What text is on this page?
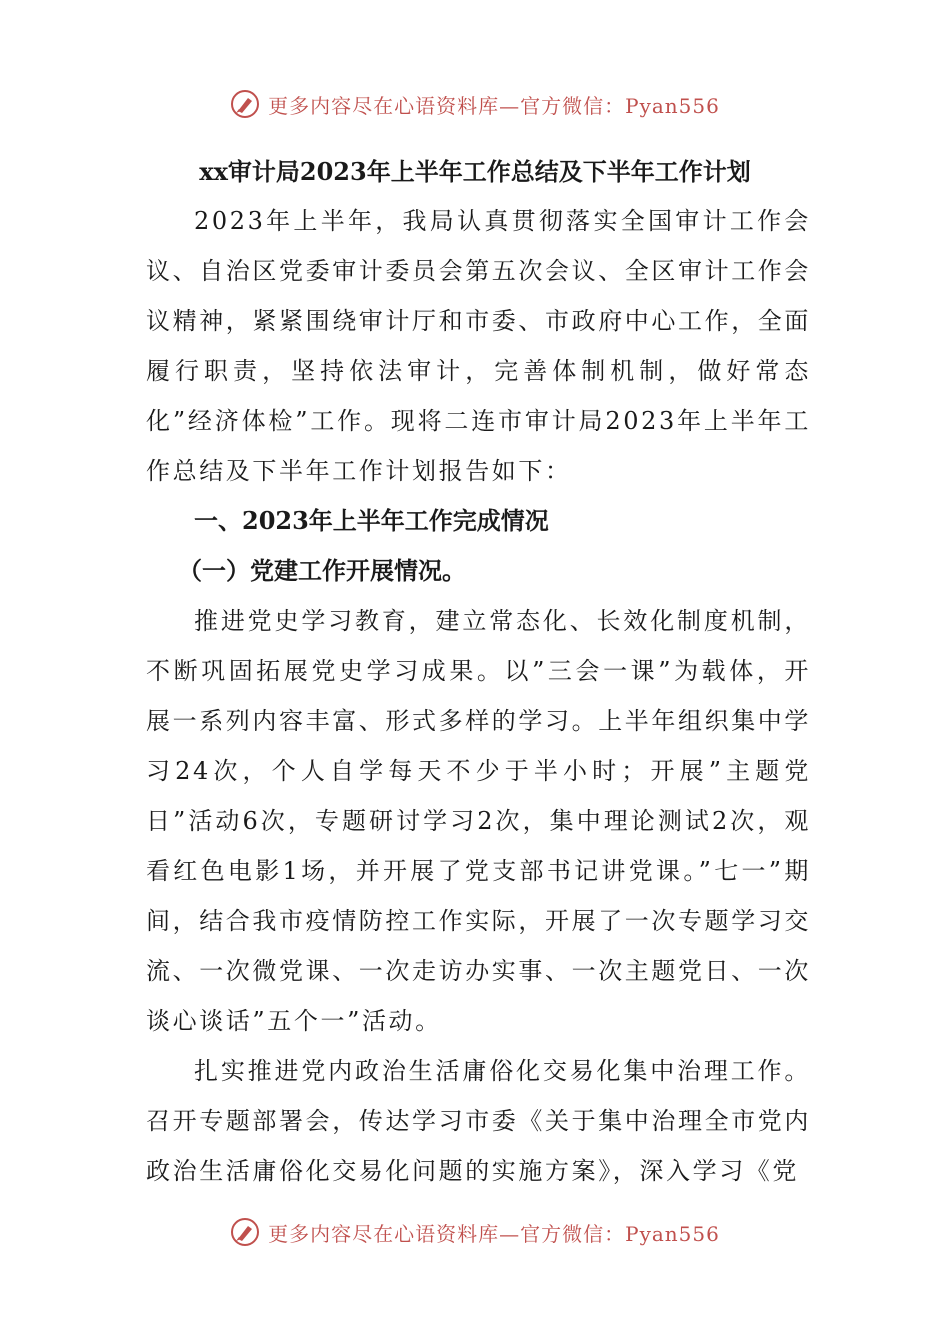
更多内容尽在心语资料库—官方微信：Pyan556
xx审计局2023年上半年工作总结及下半年工作计划

2023年上半年，我局认真贯彻落实全国审计工作会议、自治区党委审计委员会第五次会议、全区审计工作会议精神，紧紧围绕审计厅和市委、市政府中心工作，全面履行职责，坚持依法审计，完善体制机制，做好常态化”经济体检”工作。现将二连市审计局2023年上半年工作总结及下半年工作计划报告如下：

一、2023年上半年工作完成情况

（一）党建工作开展情况。

推进党史学习教育，建立常态化、长效化制度机制，不断巩固拓展党史学习成果。以”三会一课”为载体，开展一系列内容丰富、形式多样的学习。上半年组织集中学习24次，个人自学每天不少于半小时；开展”主题党日”活动6次，专题研讨学习2次，集中理论测试2次，观看红色电影1场，并开展了党支部书记讲党课。”七一”期间，结合我市疫情防控工作实际，开展了一次专题学习交流、一次微党课、一次走访办实事、一次主题党日、一次谈心谈话”五个一”活动。

扎实推进党内政治生活庸俗化交易化集中治理工作。召开专题部署会，传达学习市委《关于集中治理全市党内政治生活庸俗化交易化问题的实施方案》，深入学习《党

更多内容尽在心语资料库—官方微信：Pyan556
